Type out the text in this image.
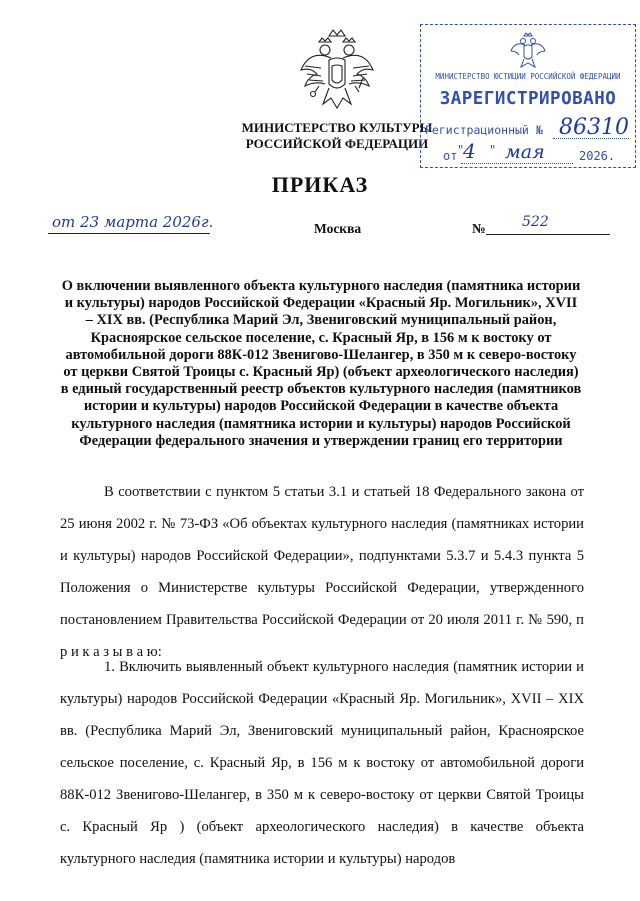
МИНИСТЕРСТВО КУЛЬТУРЫ
РОССИЙСКОЙ ФЕДЕРАЦИИ
МИНИСТЕРСТВО ЮСТИЦИИ РОССИЙСКОЙ ФЕДЕРАЦИИ
ЗАРЕГИСТРИРОВАНО
Регистрационный № 86310
от "
4 " мая	2026.
ПРИКАЗ
от 23 марта 2026г.	Москва	№	522
О включении выявленного объекта культурного наследия (памятника истории и культуры) народов Российской Федерации «Красный Яр. Могильник», XVII – XIX вв. (Республика Марий Эл, Звениговский муниципальный район, Красноярское сельское поселение, с. Красный Яр, в 156 м к востоку от автомобильной дороги 88К-012 Звенигово-Шелангер, в 350 м к северо-востоку от церкви Святой Троицы с. Красный Яр) (объект археологического наследия) в единый государственный реестр объектов культурного наследия (памятников истории и культуры) народов Российской Федерации в качестве объекта культурного наследия (памятника истории и культуры) народов Российской Федерации федерального значения и утверждении границ его территории
В соответствии с пунктом 5 статьи 3.1 и статьей 18 Федерального закона от 25 июня 2002 г. № 73-ФЗ «Об объектах культурного наследия (памятниках истории и культуры) народов Российской Федерации», подпунктами 5.3.7 и 5.4.3 пункта 5 Положения о Министерстве культуры Российской Федерации, утвержденного постановлением Правительства Российской Федерации от 20 июля 2011 г. № 590, п р и к а з ы в а ю:
1. Включить выявленный объект культурного наследия (памятник истории и культуры) народов Российской Федерации «Красный Яр. Могильник», XVII – XIX вв. (Республика Марий Эл, Звениговский муниципальный район, Красноярское сельское поселение, с. Красный Яр, в 156 м к востоку от автомобильной дороги 88К-012 Звенигово-Шелангер, в 350 м к северо-востоку от церкви Святой Троицы с. Красный Яр ) (объект археологического наследия) в качестве объекта культурного наследия (памятника истории и культуры) народов
